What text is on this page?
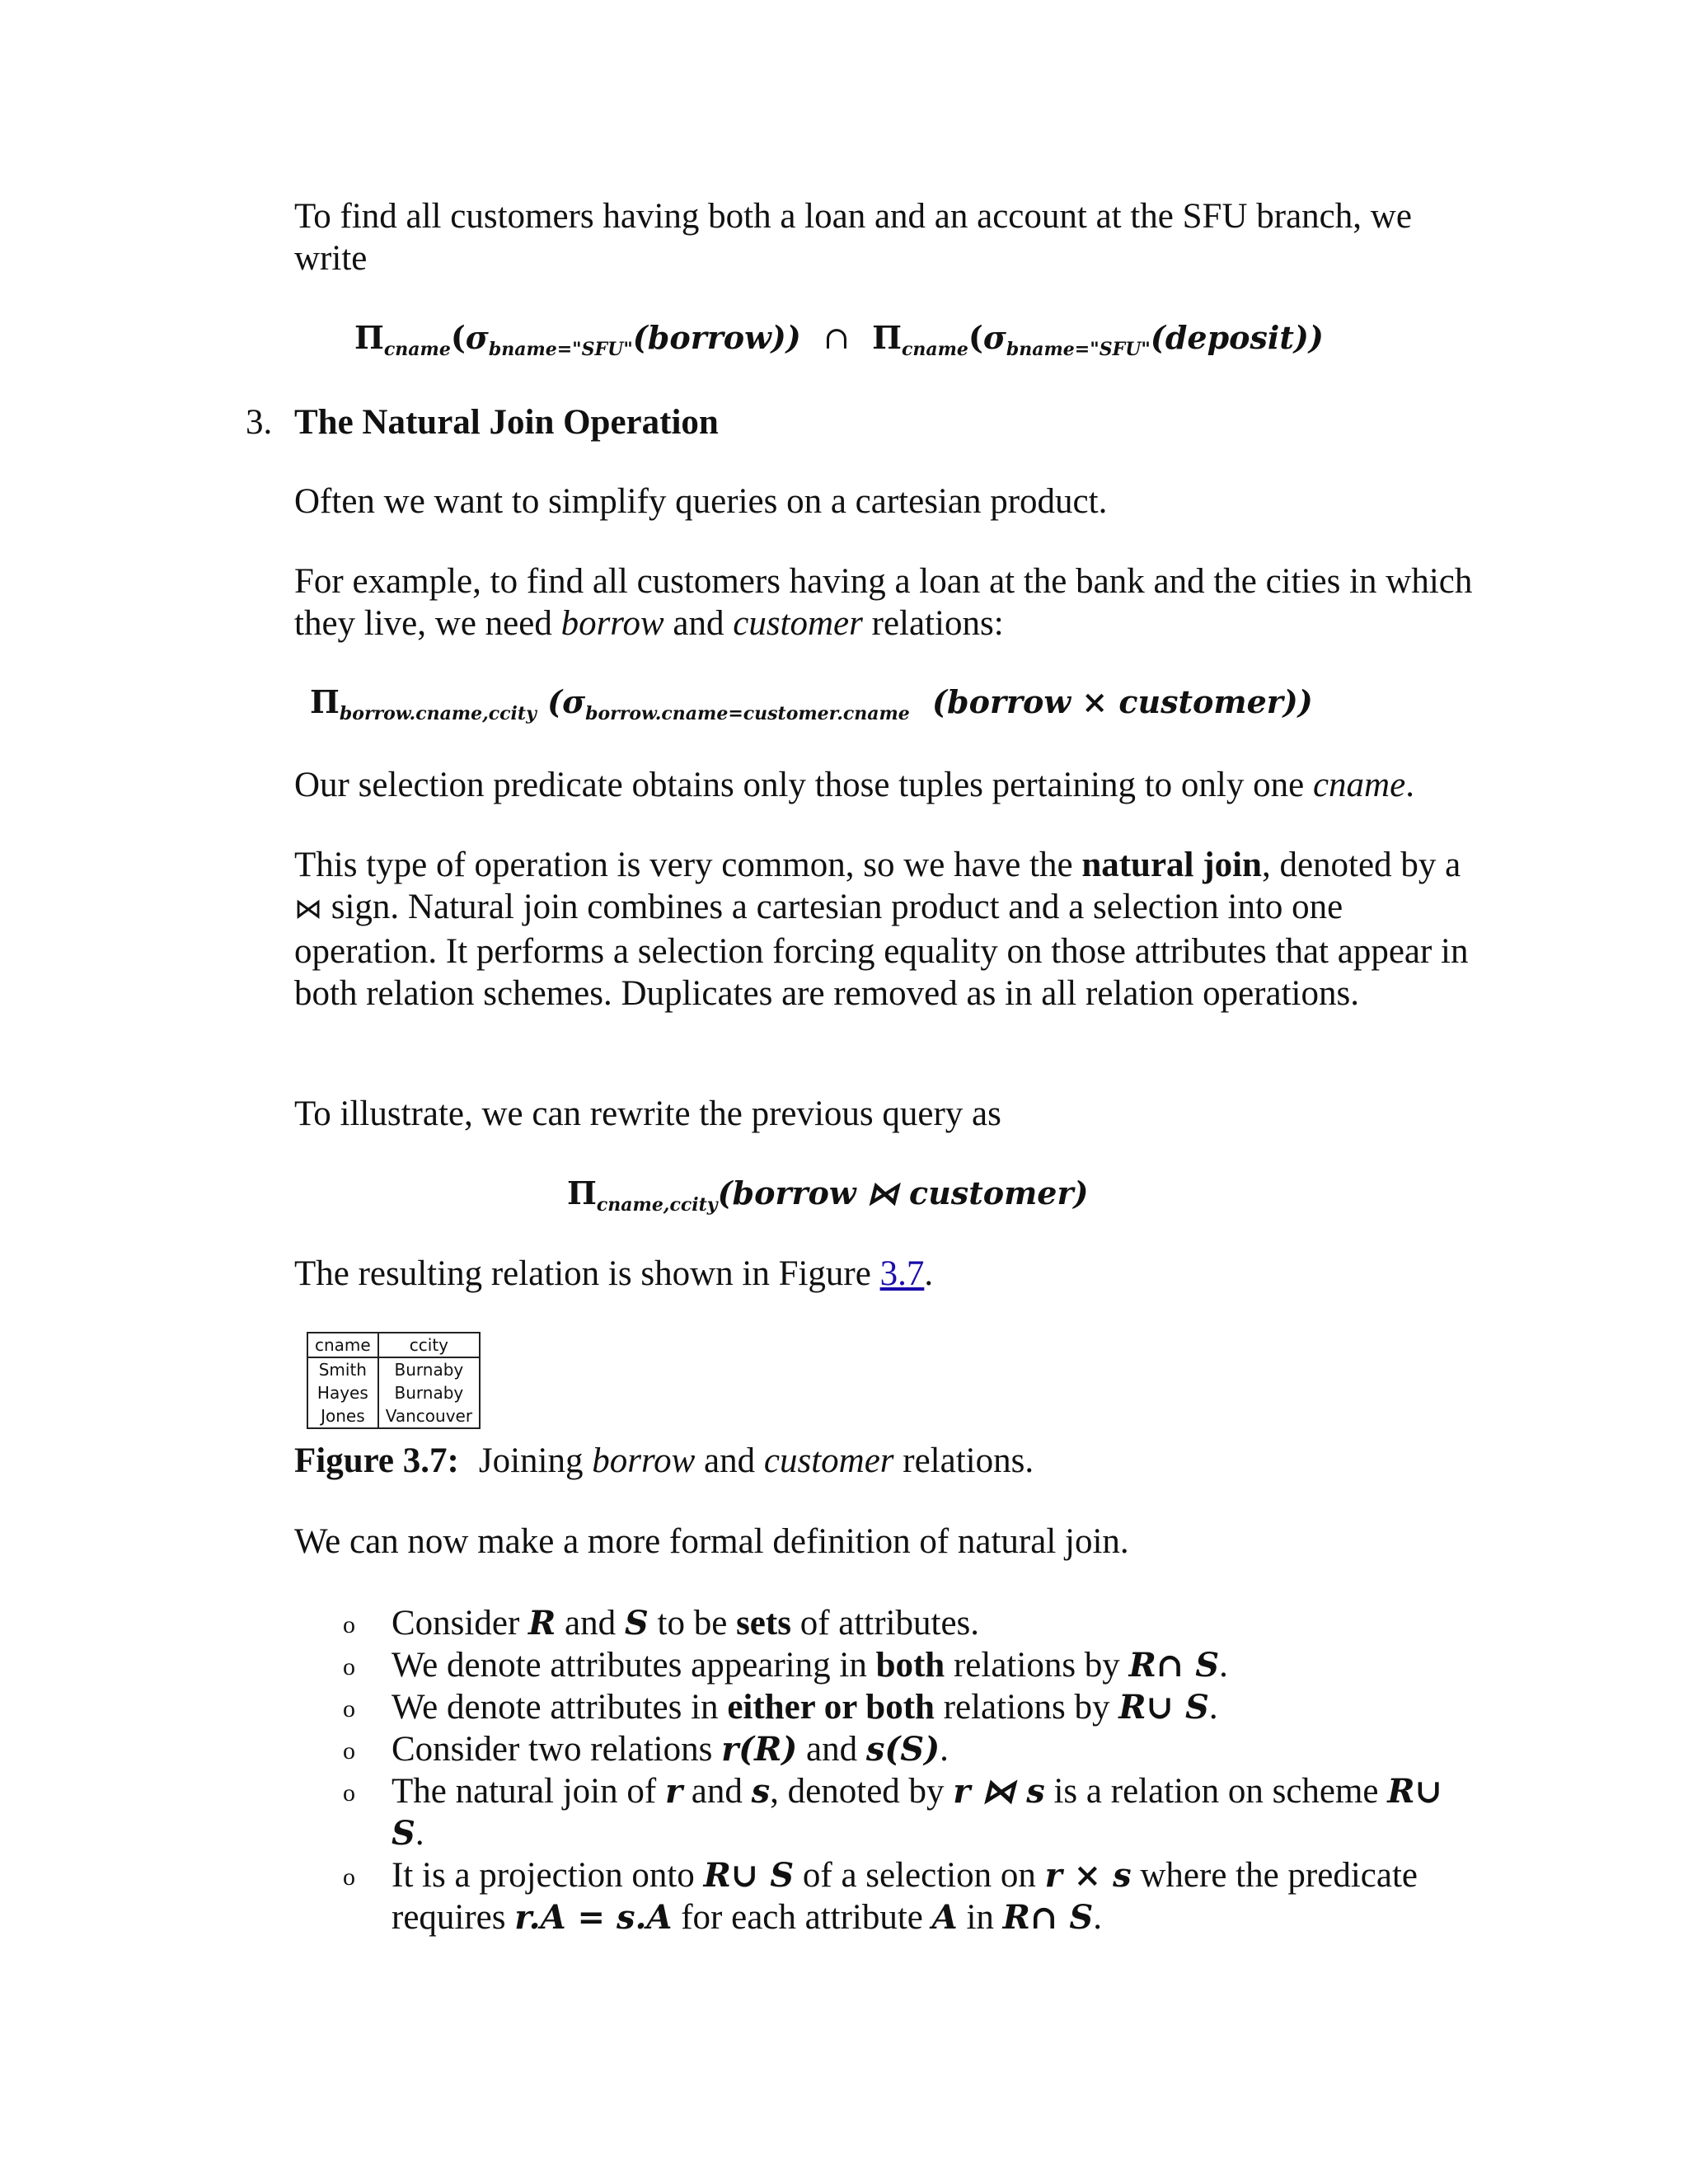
To find all customers having both a loan and an account at the SFU branch, we write

$\Pi_{cname}(\sigma_{bname="SFU"}(borrow))$ ∩ $\Pi_{cname}(\sigma_{bname="SFU"}(deposit))$
3. The Natural Join Operation

Often we want to simplify queries on a cartesian product.

For example, to find all customers having a loan at the bank and the cities in which they live, we need borrow and customer relations:

$\Pi_{borrow.cname,ccity}$ ($\sigma_{borrow.cname=customer.cname}$ (borrow × customer))

Our selection predicate obtains only those tuples pertaining to only one cname.

This type of operation is very common, so we have the natural join, denoted by a ⋈ sign. Natural join combines a cartesian product and a selection into one operation. It performs a selection forcing equality on those attributes that appear in both relation schemes. Duplicates are removed as in all relation operations.

To illustrate, we can rewrite the previous query as

$\Pi_{cname,ccity}(borrow$ ⋈ customer)

The resulting relation is shown in Figure 3.7.

cname	ccity
Smith	Burnaby
Hayes	Burnaby
Jones	Vancouver
Figure 3.7: Joining borrow and customer relations.

We can now make a more formal definition of natural join.

o Consider R and S to be sets of attributes.
o We denote attributes appearing in both relations by R∩ S.
o We denote attributes in either or both relations by R∪ S.
o Consider two relations r(R) and s(S).
o The natural join of r and s, denoted by r ⋈ s is a relation on scheme R∪ S.
o It is a projection onto R∪ S of a selection on r × s where the predicate requires r.A = s.A for each attribute A in R∩ S.
